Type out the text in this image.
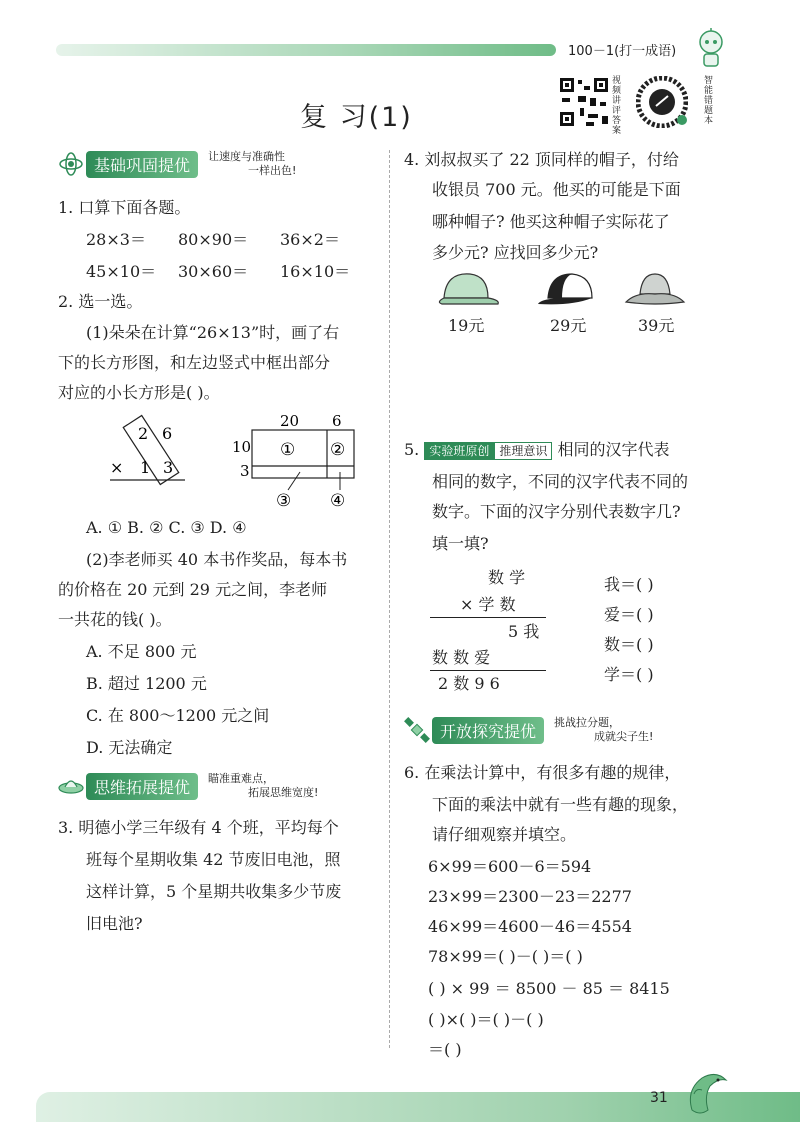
100－1(打一成语)
复 习(1)
视频讲评答案
智能错题本
基础巩固提优	让速度与准确性
一样出色!
1. 口算下面各题。
28×3＝ 80×90＝ 36×2＝
45×10＝ 30×60＝ 16×10＝
2. 选一选。
(1)朵朵在计算“26×13”时，画了右
下的长方形图，和左边竖式中框出部分
对应的小长方形是( )。
2 6
× 1 3
20 6
10
3
① ②
③ ④
A. ① B. ② C. ③ D. ④
(2)李老师买 40 本书作奖品，每本书
的价格在 20 元到 29 元之间，李老师
一共花的钱( )。
A. 不足 800 元
B. 超过 1200 元
C. 在 800～1200 元之间
D. 无法确定
思维拓展提优	瞄准重难点，
拓展思维宽度!
3. 明德小学三年级有 4 个班，平均每个
班每个星期收集 42 节废旧电池，照
这样计算，5 个星期共收集多少节废
旧电池?
4. 刘叔叔买了 22 顶同样的帽子，付给
收银员 700 元。他买的可能是下面
哪种帽子? 他买这种帽子实际花了
多少元? 应找回多少元?
19元	29元	39元
5. 实验班原创 推理意识 相同的汉字代表
相同的数字，不同的汉字代表不同的
数字。下面的汉字分别代表数字几?
填一填?
数 学
× 学 数
5 我
数 数 爱
2 数 9 6
我＝( )
爱＝( )
数＝( )
学＝( )
开放探究提优	挑战拉分题，
成就尖子生!
6. 在乘法计算中，有很多有趣的规律，
下面的乘法中就有一些有趣的现象，
请仔细观察并填空。
6×99＝600－6＝594
23×99＝2300－23＝2277
46×99＝4600－46＝4554
78×99＝( )－( )＝( )
( ) × 99 ＝ 8500 － 85 ＝ 8415
( )×( )＝( )－( )
＝( )
31
